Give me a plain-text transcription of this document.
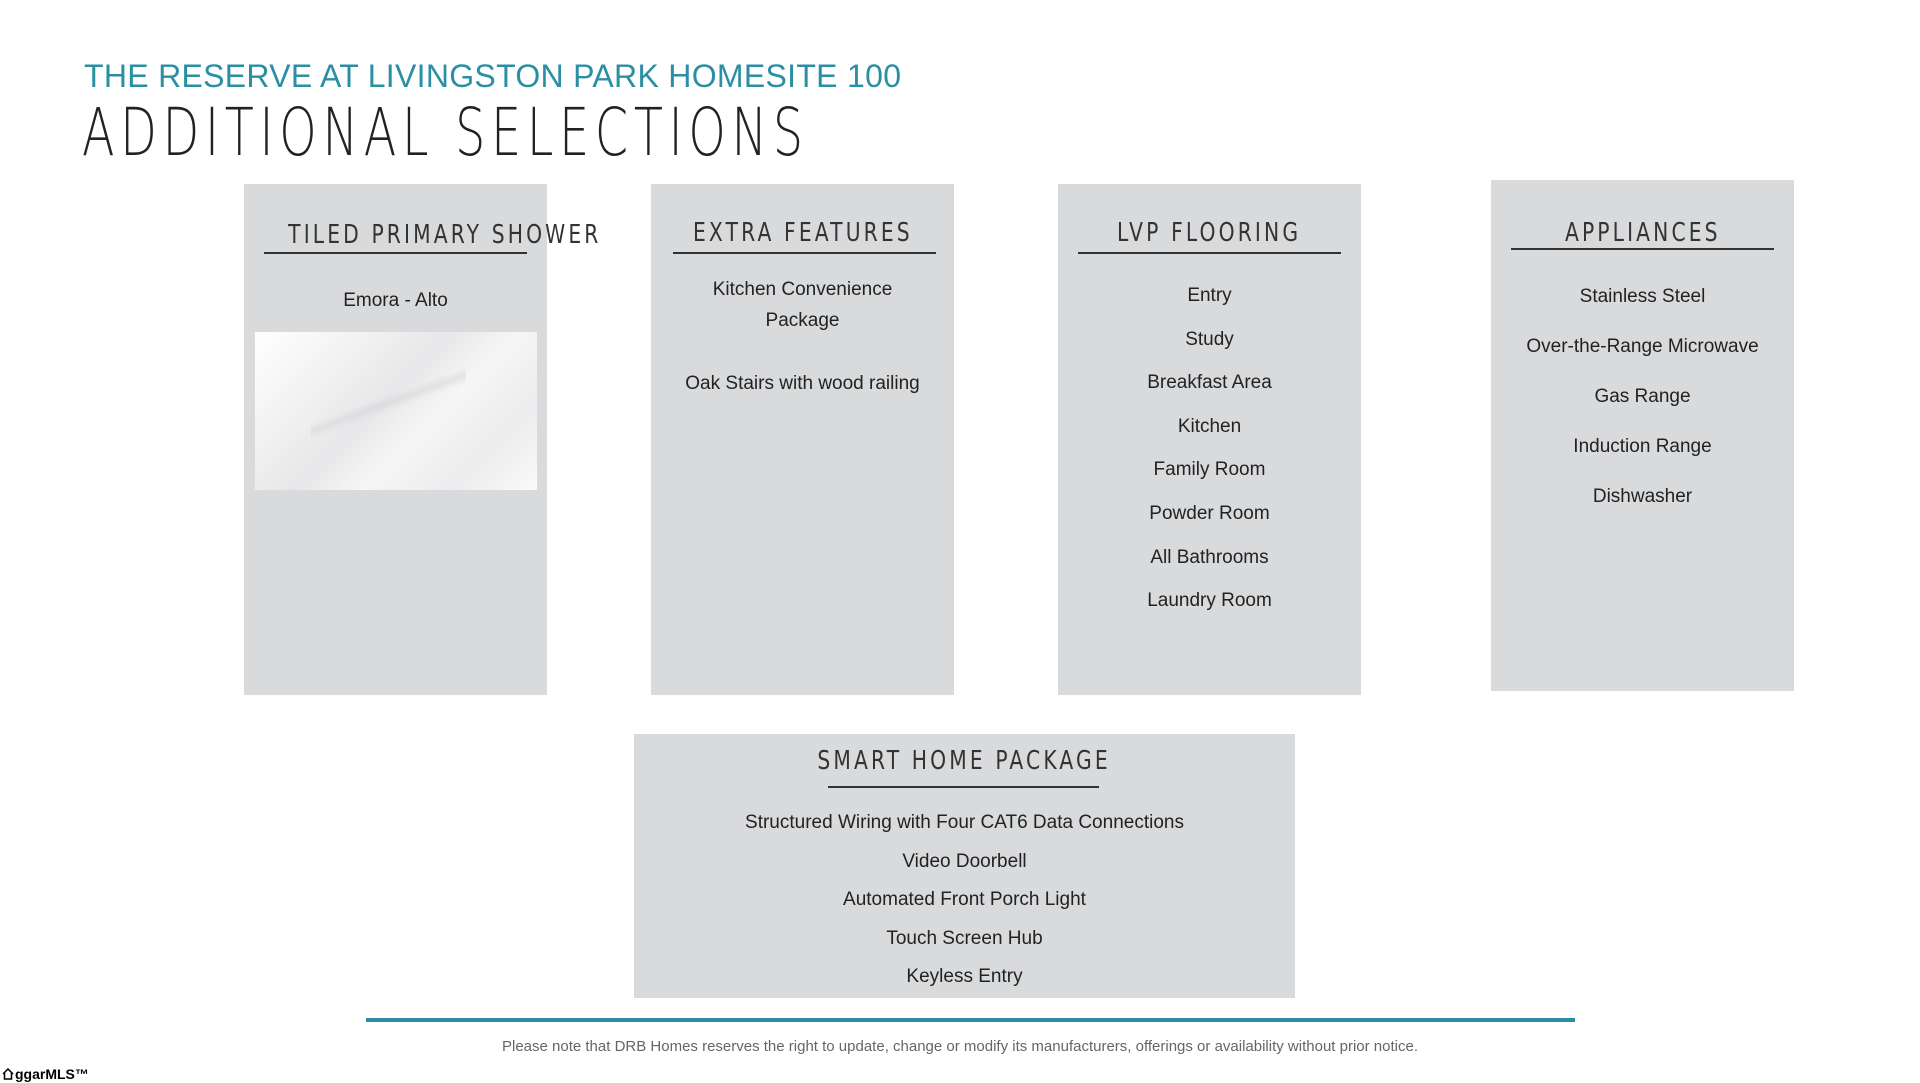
THE RESERVE AT LIVINGSTON PARK HOMESITE 100
ADDITIONAL SELECTIONS
TILED PRIMARY SHOWER
Emora - Alto
EXTRA FEATURES
Kitchen Convenience
Package
Oak Stairs with wood railing
LVP FLOORING
Entry
Study
Breakfast Area
Kitchen
Family Room
Powder Room
All Bathrooms
Laundry Room
APPLIANCES
Stainless Steel
Over-the-Range Microwave
Gas Range
Induction Range
Dishwasher
SMART HOME PACKAGE
Structured Wiring with Four CAT6 Data Connections
Video Doorbell
Automated Front Porch Light
Touch Screen Hub
Keyless Entry
Please note that DRB Homes reserves the right to update, change or modify its manufacturers, offerings or availability without prior notice.
ggarMLS™
